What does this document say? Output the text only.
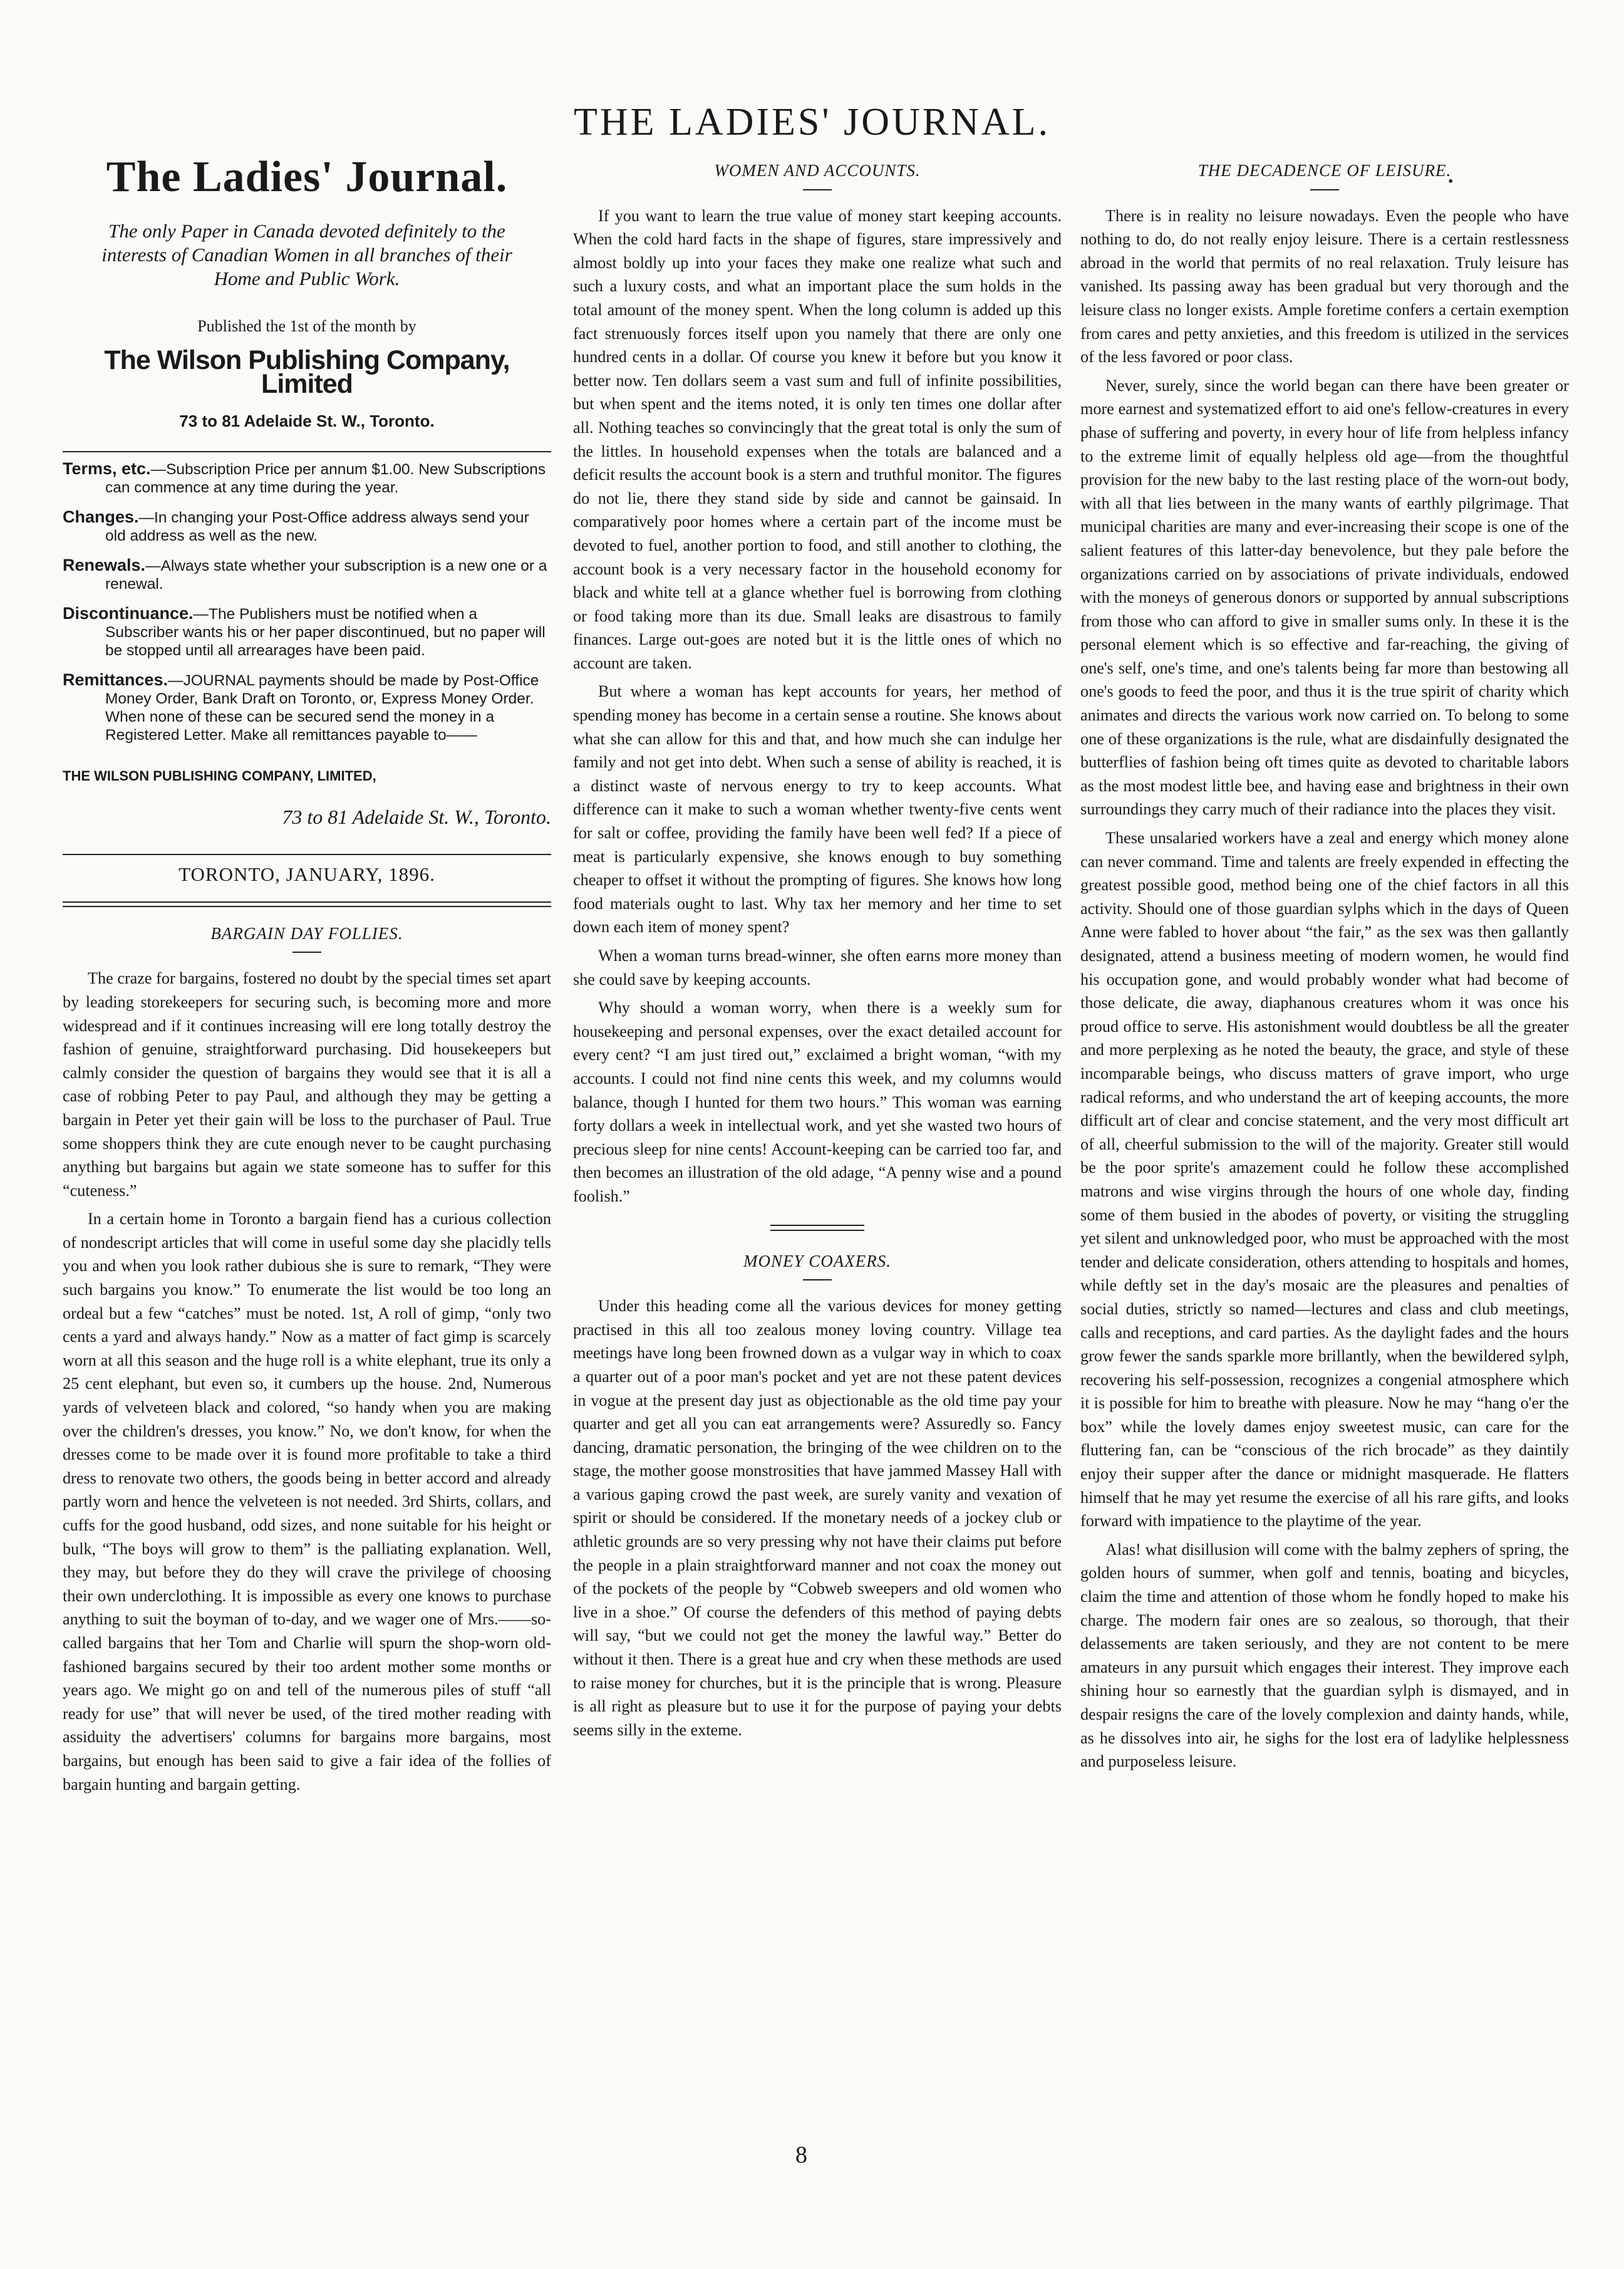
THE LADIES' JOURNAL.
•
The Ladies' Journal.
The only Paper in Canada devoted definitely to the interests of Canadian Women in all branches of their Home and Public Work.
Published the 1st of the month by
The Wilson Publishing Company, Limited
73 to 81 Adelaide St. W., Toronto.
Terms, etc.—Subscription Price per annum $1.00. New Subscriptions can commence at any time during the year.
Changes.—In changing your Post-Office address always send your old address as well as the new.
Renewals.—Always state whether your subscription is a new one or a renewal.
Discontinuance.—The Publishers must be notified when a Subscriber wants his or her paper discontinued, but no paper will be stopped until all arrearages have been paid.
Remittances.—JOURNAL payments should be made by Post-Office Money Order, Bank Draft on Toronto, or, Express Money Order. When none of these can be secured send the money in a Registered Letter. Make all remittances payable to——
THE WILSON PUBLISHING COMPANY, LIMITED,
73 to 81 Adelaide St. W., Toronto.
TORONTO, JANUARY, 1896.
BARGAIN DAY FOLLIES.

The craze for bargains, fostered no doubt by the special times set apart by leading storekeepers for securing such, is becoming more and more widespread and if it continues increasing will ere long totally destroy the fashion of genuine, straightforward purchasing. Did housekeepers but calmly consider the question of bargains they would see that it is all a case of robbing Peter to pay Paul, and although they may be getting a bargain in Peter yet their gain will be loss to the purchaser of Paul. True some shoppers think they are cute enough never to be caught purchasing anything but bargains but again we state someone has to suffer for this “cuteness.”

In a certain home in Toronto a bargain fiend has a curious collection of nondescript articles that will come in useful some day she placidly tells you and when you look rather dubious she is sure to remark, “They were such bargains you know.” To enumerate the list would be too long an ordeal but a few “catches” must be noted. 1st, A roll of gimp, “only two cents a yard and always handy.” Now as a matter of fact gimp is scarcely worn at all this season and the huge roll is a white elephant, true its only a 25 cent elephant, but even so, it cumbers up the house. 2nd, Numerous yards of velveteen black and colored, “so handy when you are making over the children's dresses, you know.” No, we don't know, for when the dresses come to be made over it is found more profitable to take a third dress to renovate two others, the goods being in better accord and already partly worn and hence the velveteen is not needed. 3rd Shirts, collars, and cuffs for the good husband, odd sizes, and none suitable for his height or bulk, “The boys will grow to them” is the palliating explanation. Well, they may, but before they do they will crave the privilege of choosing their own underclothing. It is impossible as every one knows to purchase anything to suit the boyman of to-day, and we wager one of Mrs.——so-called bargains that her Tom and Charlie will spurn the shop-worn old-fashioned bargains secured by their too ardent mother some months or years ago. We might go on and tell of the numerous piles of stuff “all ready for use” that will never be used, of the tired mother reading with assiduity the advertisers' columns for bargains more bargains, most bargains, but enough has been said to give a fair idea of the follies of bargain hunting and bargain getting.

WOMEN AND ACCOUNTS.

If you want to learn the true value of money start keeping accounts. When the cold hard facts in the shape of figures, stare impressively and almost boldly up into your faces they make one realize what such and such a luxury costs, and what an important place the sum holds in the total amount of the money spent. When the long column is added up this fact strenuously forces itself upon you namely that there are only one hundred cents in a dollar. Of course you knew it before but you know it better now. Ten dollars seem a vast sum and full of infinite possibilities, but when spent and the items noted, it is only ten times one dollar after all. Nothing teaches so convincingly that the great total is only the sum of the littles. In household expenses when the totals are balanced and a deficit results the account book is a stern and truthful monitor. The figures do not lie, there they stand side by side and cannot be gainsaid. In comparatively poor homes where a certain part of the income must be devoted to fuel, another portion to food, and still another to clothing, the account book is a very necessary factor in the household economy for black and white tell at a glance whether fuel is borrowing from clothing or food taking more than its due. Small leaks are disastrous to family finances. Large out-goes are noted but it is the little ones of which no account are taken.

But where a woman has kept accounts for years, her method of spending money has become in a certain sense a routine. She knows about what she can allow for this and that, and how much she can indulge her family and not get into debt. When such a sense of ability is reached, it is a distinct waste of nervous energy to try to keep accounts. What difference can it make to such a woman whether twenty-five cents went for salt or coffee, providing the family have been well fed? If a piece of meat is particularly expensive, she knows enough to buy something cheaper to offset it without the prompting of figures. She knows how long food materials ought to last. Why tax her memory and her time to set down each item of money spent?

When a woman turns bread-winner, she often earns more money than she could save by keeping accounts.

Why should a woman worry, when there is a weekly sum for housekeeping and personal expenses, over the exact detailed account for every cent? “I am just tired out,” exclaimed a bright woman, “with my accounts. I could not find nine cents this week, and my columns would balance, though I hunted for them two hours.” This woman was earning forty dollars a week in intellectual work, and yet she wasted two hours of precious sleep for nine cents! Account-keeping can be carried too far, and then becomes an illustration of the old adage, “A penny wise and a pound foolish.”

MONEY COAXERS.

Under this heading come all the various devices for money getting practised in this all too zealous money loving country. Village tea meetings have long been frowned down as a vulgar way in which to coax a quarter out of a poor man's pocket and yet are not these patent devices in vogue at the present day just as objectionable as the old time pay your quarter and get all you can eat arrangements were? Assuredly so. Fancy dancing, dramatic personation, the bringing of the wee children on to the stage, the mother goose monstrosities that have jammed Massey Hall with a various gaping crowd the past week, are surely vanity and vexation of spirit or should be considered. If the monetary needs of a jockey club or athletic grounds are so very pressing why not have their claims put before the people in a plain straightforward manner and not coax the money out of the pockets of the people by “Cobweb sweepers and old women who live in a shoe.” Of course the defenders of this method of paying debts will say, “but we could not get the money the lawful way.” Better do without it then. There is a great hue and cry when these methods are used to raise money for churches, but it is the principle that is wrong. Pleasure is all right as pleasure but to use it for the purpose of paying your debts seems silly in the exteme.

THE DECADENCE OF LEISURE.

There is in reality no leisure nowadays. Even the people who have nothing to do, do not really enjoy leisure. There is a certain restlessness abroad in the world that permits of no real relaxation. Truly leisure has vanished. Its passing away has been gradual but very thorough and the leisure class no longer exists. Ample foretime confers a certain exemption from cares and petty anxieties, and this freedom is utilized in the services of the less favored or poor class.

Never, surely, since the world began can there have been greater or more earnest and systematized effort to aid one's fellow-creatures in every phase of suffering and poverty, in every hour of life from helpless infancy to the extreme limit of equally helpless old age—from the thoughtful provision for the new baby to the last resting place of the worn-out body, with all that lies between in the many wants of earthly pilgrimage. That municipal charities are many and ever-increasing their scope is one of the salient features of this latter-day benevolence, but they pale before the organizations carried on by associations of private individuals, endowed with the moneys of generous donors or supported by annual subscriptions from those who can afford to give in smaller sums only. In these it is the personal element which is so effective and far-reaching, the giving of one's self, one's time, and one's talents being far more than bestowing all one's goods to feed the poor, and thus it is the true spirit of charity which animates and directs the various work now carried on. To belong to some one of these organizations is the rule, what are disdainfully designated the butterflies of fashion being oft times quite as devoted to charitable labors as the most modest little bee, and having ease and brightness in their own surroundings they carry much of their radiance into the places they visit.

These unsalaried workers have a zeal and energy which money alone can never command. Time and talents are freely expended in effecting the greatest possible good, method being one of the chief factors in all this activity. Should one of those guardian sylphs which in the days of Queen Anne were fabled to hover about “the fair,” as the sex was then gallantly designated, attend a business meeting of modern women, he would find his occupation gone, and would probably wonder what had become of those delicate, die away, diaphanous creatures whom it was once his proud office to serve. His astonishment would doubtless be all the greater and more perplexing as he noted the beauty, the grace, and style of these incomparable beings, who discuss matters of grave import, who urge radical reforms, and who understand the art of keeping accounts, the more difficult art of clear and concise statement, and the very most difficult art of all, cheerful submission to the will of the majority. Greater still would be the poor sprite's amazement could he follow these accomplished matrons and wise virgins through the hours of one whole day, finding some of them busied in the abodes of poverty, or visiting the struggling yet silent and unknowledged poor, who must be approached with the most tender and delicate consideration, others attending to hospitals and homes, while deftly set in the day's mosaic are the pleasures and penalties of social duties, strictly so named—lectures and class and club meetings, calls and receptions, and card parties. As the daylight fades and the hours grow fewer the sands sparkle more brillantly, when the bewildered sylph, recovering his self-possession, recognizes a congenial atmosphere which it is possible for him to breathe with pleasure. Now he may “hang o'er the box” while the lovely dames enjoy sweetest music, can care for the fluttering fan, can be “conscious of the rich brocade” as they daintily enjoy their supper after the dance or midnight masquerade. He flatters himself that he may yet resume the exercise of all his rare gifts, and looks forward with impatience to the playtime of the year.

Alas! what disillusion will come with the balmy zephers of spring, the golden hours of summer, when golf and tennis, boating and bicycles, claim the time and attention of those whom he fondly hoped to make his charge. The modern fair ones are so zealous, so thorough, that their delassements are taken seriously, and they are not content to be mere amateurs in any pursuit which engages their interest. They improve each shining hour so earnestly that the guardian sylph is dismayed, and in despair resigns the care of the lovely complexion and dainty hands, while, as he dissolves into air, he sighs for the lost era of ladylike helplessness and purposeless leisure.

8
